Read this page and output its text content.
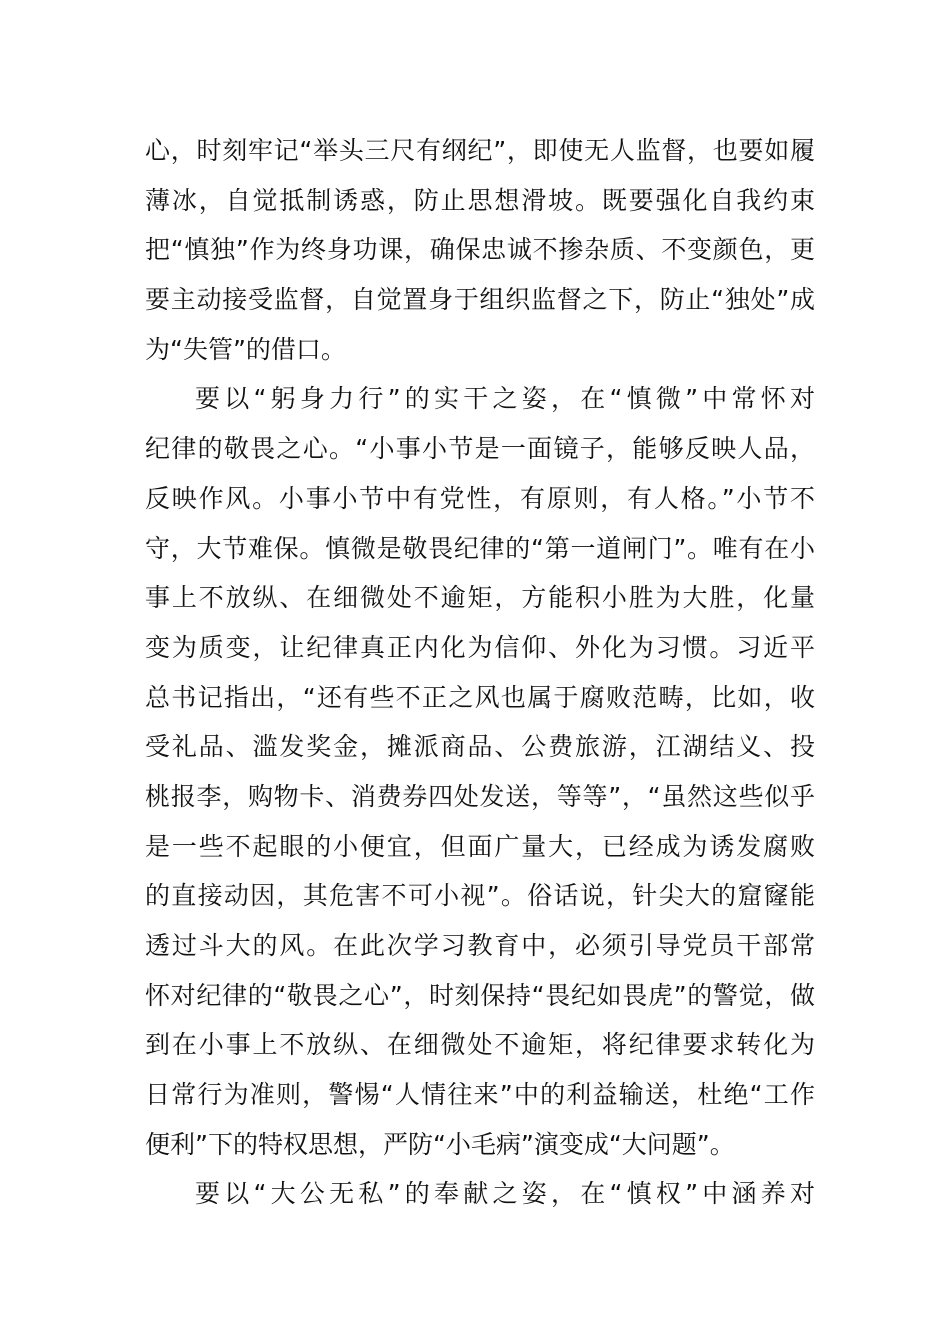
心，时刻牢记“举头三尺有纲纪”，即使无人监督，也要如履
薄冰，自觉抵制诱惑，防止思想滑坡。既要强化自我约束
把“慎独”作为终身功课，确保忠诚不掺杂质、不变颜色，更
要主动接受监督，自觉置身于组织监督之下，防止“独处”成
为“失管”的借口。
要以“躬身力行”的实干之姿，在“慎微”中常怀对
纪律的敬畏之心。“小事小节是一面镜子，能够反映人品，
反映作风。小事小节中有党性，有原则，有人格。”小节不
守，大节难保。慎微是敬畏纪律的“第一道闸门”。唯有在小
事上不放纵、在细微处不逾矩，方能积小胜为大胜，化量
变为质变，让纪律真正内化为信仰、外化为习惯。习近平
总书记指出，“还有些不正之风也属于腐败范畴，比如，收
受礼品、滥发奖金，摊派商品、公费旅游，江湖结义、投
桃报李，购物卡、消费券四处发送，等等”，“虽然这些似乎
是一些不起眼的小便宜，但面广量大，已经成为诱发腐败
的直接动因，其危害不可小视”。俗话说，针尖大的窟窿能
透过斗大的风。在此次学习教育中，必须引导党员干部常
怀对纪律的“敬畏之心”，时刻保持“畏纪如畏虎”的警觉，做
到在小事上不放纵、在细微处不逾矩，将纪律要求转化为
日常行为准则，警惕“人情往来”中的利益输送，杜绝“工作
便利”下的特权思想，严防“小毛病”演变成“大问题”。
要以“大公无私”的奉献之姿，在“慎权”中涵养对
